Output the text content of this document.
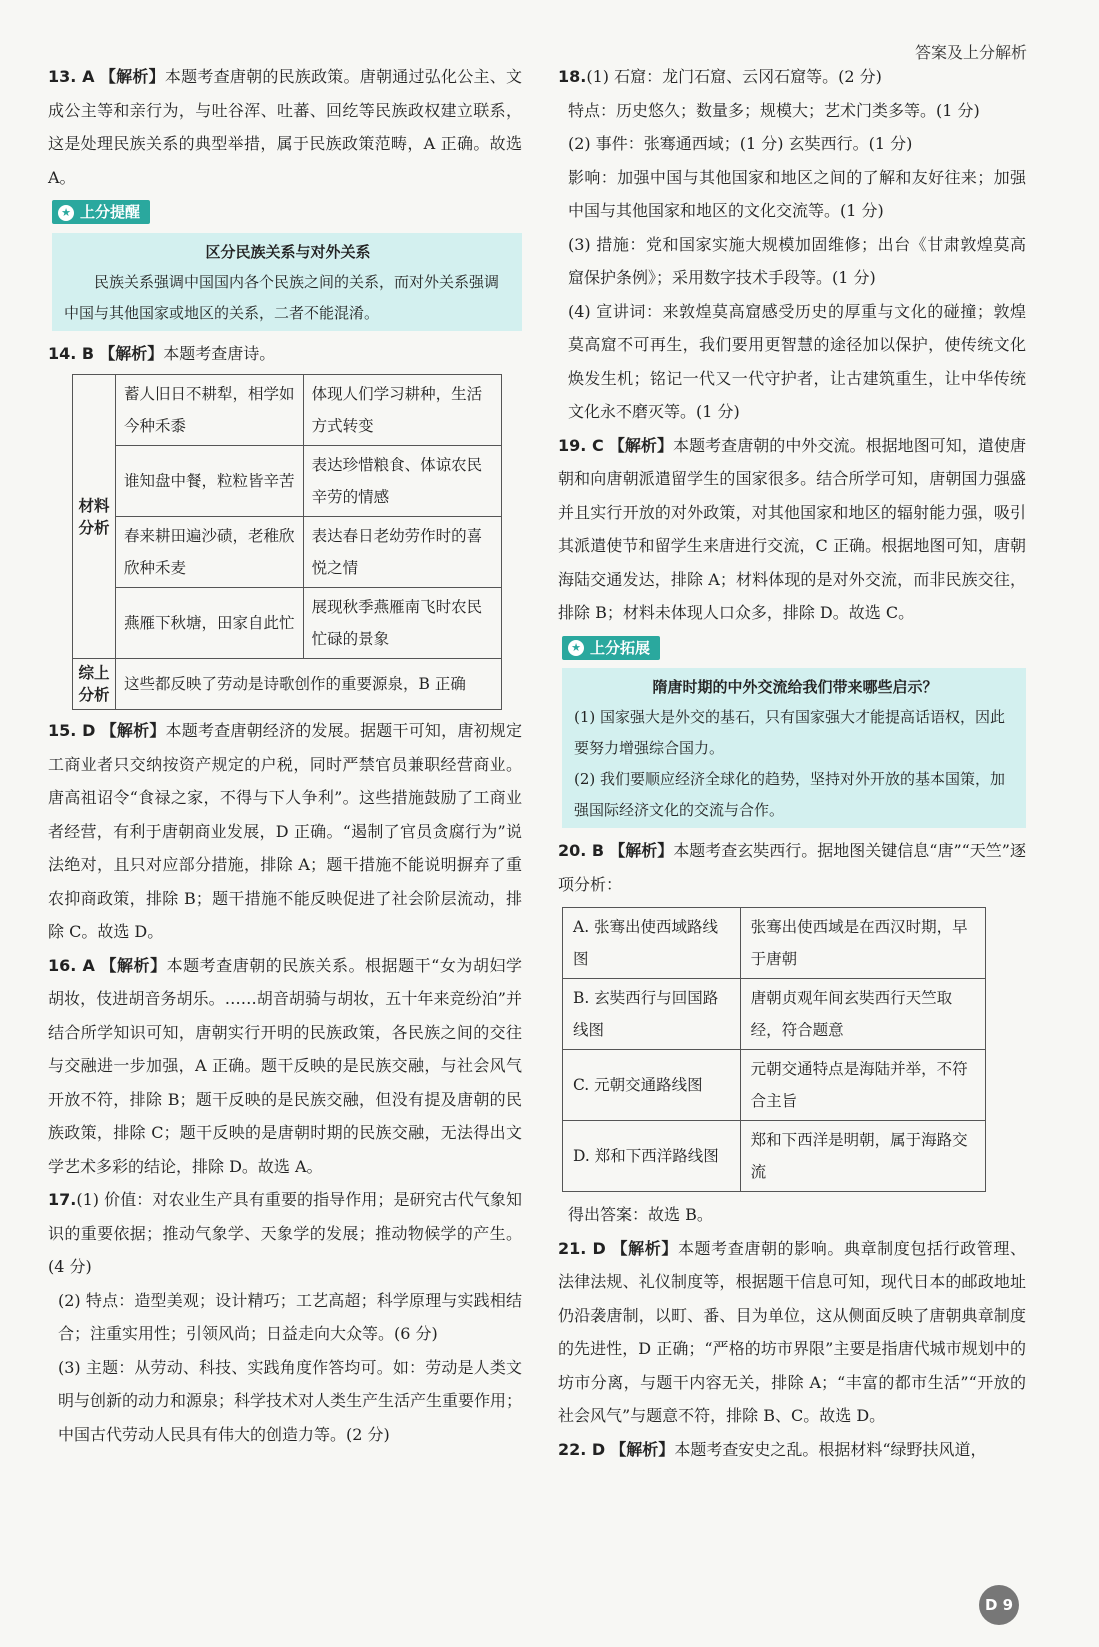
答案及上分解析

13. A 【解析】本题考查唐朝的民族政策。唐朝通过弘化公主、文成公主等和亲行为，与吐谷浑、吐蕃、回纥等民族政权建立联系，这是处理民族关系的典型举措，属于民族政策范畴，A 正确。故选 A。

★ 上分提醒
区分民族关系与对外关系
民族关系强调中国国内各个民族之间的关系，而对外关系强调中国与其他国家或地区的关系，二者不能混淆。

14. B 【解析】本题考查唐诗。

材料分析	蓄人旧日不耕犁，相学如今种禾黍	体现人们学习耕种，生活方式转变
	谁知盘中餐，粒粒皆辛苦	表达珍惜粮食、体谅农民辛劳的情感
	春来耕田遍沙碛，老稚欣欣种禾麦	表达春日老幼劳作时的喜悦之情
	燕雁下秋塘，田家自此忙	展现秋季燕雁南飞时农民忙碌的景象
综上分析	这些都反映了劳动是诗歌创作的重要源泉，B 正确	

15. D 【解析】本题考查唐朝经济的发展。据题干可知，唐初规定工商业者只交纳按资产规定的户税，同时严禁官员兼职经营商业。唐高祖诏令“食禄之家，不得与下人争利”。这些措施鼓励了工商业者经营，有利于唐朝商业发展，D 正确。“遏制了官员贪腐行为”说法绝对，且只对应部分措施，排除 A；题干措施不能说明摒弃了重农抑商政策，排除 B；题干措施不能反映促进了社会阶层流动，排除 C。故选 D。

16. A 【解析】本题考查唐朝的民族关系。根据题干“女为胡妇学胡妆，伎进胡音务胡乐。……胡音胡骑与胡妆，五十年来竞纷泊”并结合所学知识可知，唐朝实行开明的民族政策，各民族之间的交往与交融进一步加强，A 正确。题干反映的是民族交融，与社会风气开放不符，排除 B；题干反映的是民族交融，但没有提及唐朝的民族政策，排除 C；题干反映的是唐朝时期的民族交融，无法得出文学艺术多彩的结论，排除 D。故选 A。

17.(1) 价值：对农业生产具有重要的指导作用；是研究古代气象知识的重要依据；推动气象学、天象学的发展；推动物候学的产生。(4 分)

(2) 特点：造型美观；设计精巧；工艺高超；科学原理与实践相结合；注重实用性；引领风尚；日益走向大众等。(6 分)

(3) 主题：从劳动、科技、实践角度作答均可。如：劳动是人类文明与创新的动力和源泉；科学技术对人类生产生活产生重要作用；中国古代劳动人民具有伟大的创造力等。(2 分)

18.(1) 石窟：龙门石窟、云冈石窟等。(2 分)

特点：历史悠久；数量多；规模大；艺术门类多等。(1 分)

(2) 事件：张骞通西域；(1 分) 玄奘西行。(1 分)

影响：加强中国与其他国家和地区之间的了解和友好往来；加强中国与其他国家和地区的文化交流等。(1 分)

(3) 措施：党和国家实施大规模加固维修；出台《甘肃敦煌莫高窟保护条例》；采用数字技术手段等。(1 分)

(4) 宣讲词：来敦煌莫高窟感受历史的厚重与文化的碰撞；敦煌莫高窟不可再生，我们要用更智慧的途径加以保护，使传统文化焕发生机；铭记一代又一代守护者，让古建筑重生，让中华传统文化永不磨灭等。(1 分)

19. C 【解析】本题考查唐朝的中外交流。根据地图可知，遣使唐朝和向唐朝派遣留学生的国家很多。结合所学可知，唐朝国力强盛并且实行开放的对外政策，对其他国家和地区的辐射能力强，吸引其派遣使节和留学生来唐进行交流，C 正确。根据地图可知，唐朝海陆交通发达，排除 A；材料体现的是对外交流，而非民族交往，排除 B；材料未体现人口众多，排除 D。故选 C。

★ 上分拓展
隋唐时期的中外交流给我们带来哪些启示？
(1) 国家强大是外交的基石，只有国家强大才能提高话语权，因此要努力增强综合国力。
(2) 我们要顺应经济全球化的趋势，坚持对外开放的基本国策，加强国际经济文化的交流与合作。

20. B 【解析】本题考查玄奘西行。据地图关键信息“唐”“天竺”逐项分析：

A. 张骞出使西域路线图	张骞出使西域是在西汉时期，早于唐朝
B. 玄奘西行与回国路线图	唐朝贞观年间玄奘西行天竺取经，符合题意
C. 元朝交通路线图	元朝交通特点是海陆并举，不符合主旨
D. 郑和下西洋路线图	郑和下西洋是明朝，属于海路交流

得出答案：故选 B。

21. D 【解析】本题考查唐朝的影响。典章制度包括行政管理、法律法规、礼仪制度等，根据题干信息可知，现代日本的邮政地址仍沿袭唐制，以町、番、目为单位，这从侧面反映了唐朝典章制度的先进性，D 正确；“严格的坊市界限”主要是指唐代城市规划中的坊市分离，与题干内容无关，排除 A；“丰富的都市生活”“开放的社会风气”与题意不符，排除 B、C。故选 D。

22. D 【解析】本题考查安史之乱。根据材料“绿野扶风道，

D 9
